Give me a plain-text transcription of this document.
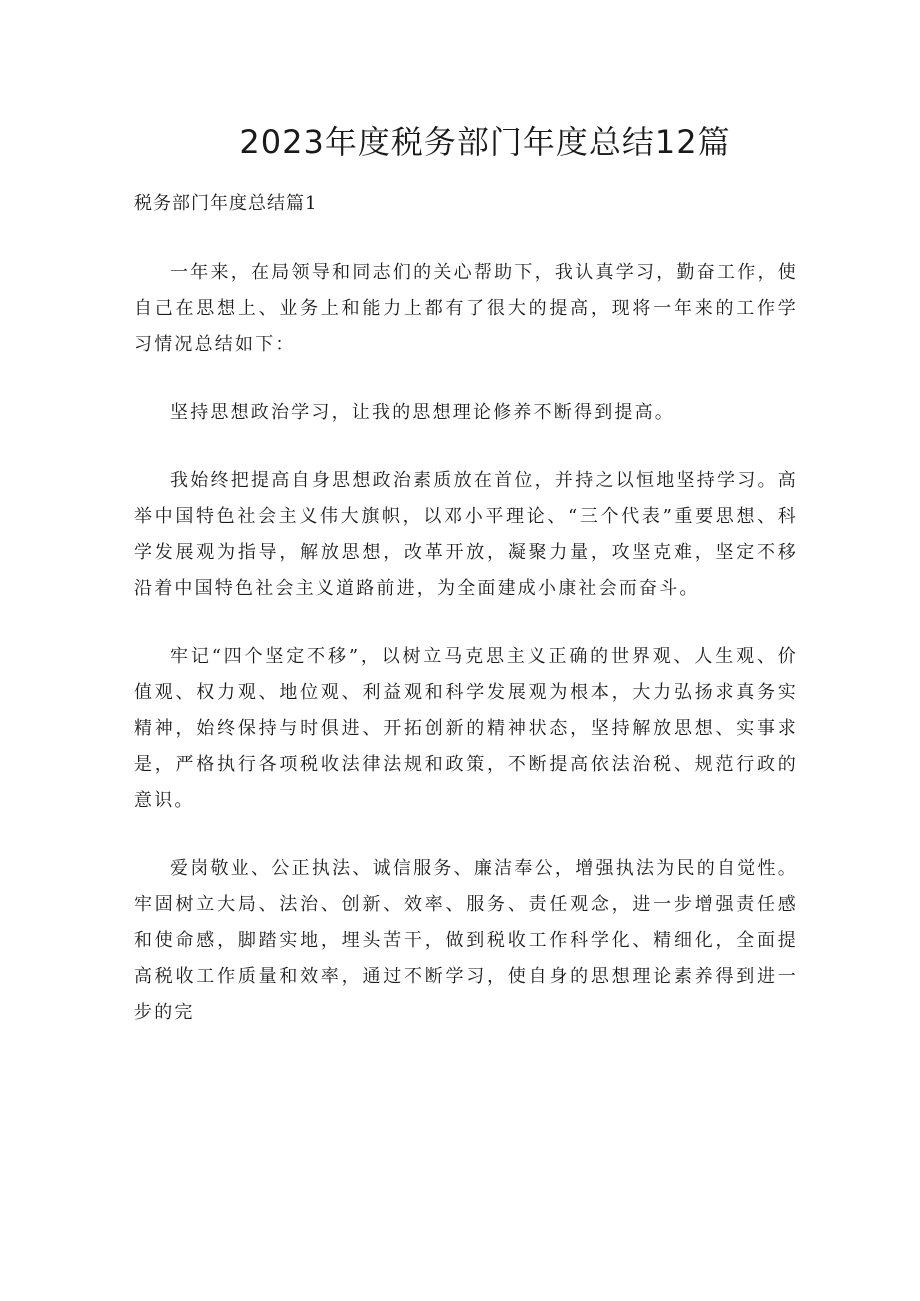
2023年度税务部门年度总结12篇

税务部门年度总结篇1

一年来，在局领导和同志们的关心帮助下，我认真学习，勤奋工作，使自己在思想上、业务上和能力上都有了很大的提高，现将一年来的工作学习情况总结如下：

坚持思想政治学习，让我的思想理论修养不断得到提高。

我始终把提高自身思想政治素质放在首位，并持之以恒地坚持学习。高举中国特色社会主义伟大旗帜，以邓小平理论、“三个代表”重要思想、科学发展观为指导，解放思想，改革开放，凝聚力量，攻坚克难，坚定不移沿着中国特色社会主义道路前进，为全面建成小康社会而奋斗。

牢记“四个坚定不移”，以树立马克思主义正确的世界观、人生观、价值观、权力观、地位观、利益观和科学发展观为根本，大力弘扬求真务实精神，始终保持与时俱进、开拓创新的精神状态，坚持解放思想、实事求是，严格执行各项税收法律法规和政策，不断提高依法治税、规范行政的意识。

爱岗敬业、公正执法、诚信服务、廉洁奉公，增强执法为民的自觉性。牢固树立大局、法治、创新、效率、服务、责任观念，进一步增强责任感和使命感，脚踏实地，埋头苦干，做到税收工作科学化、精细化，全面提高税收工作质量和效率，通过不断学习，使自身的思想理论素养得到进一步的完
